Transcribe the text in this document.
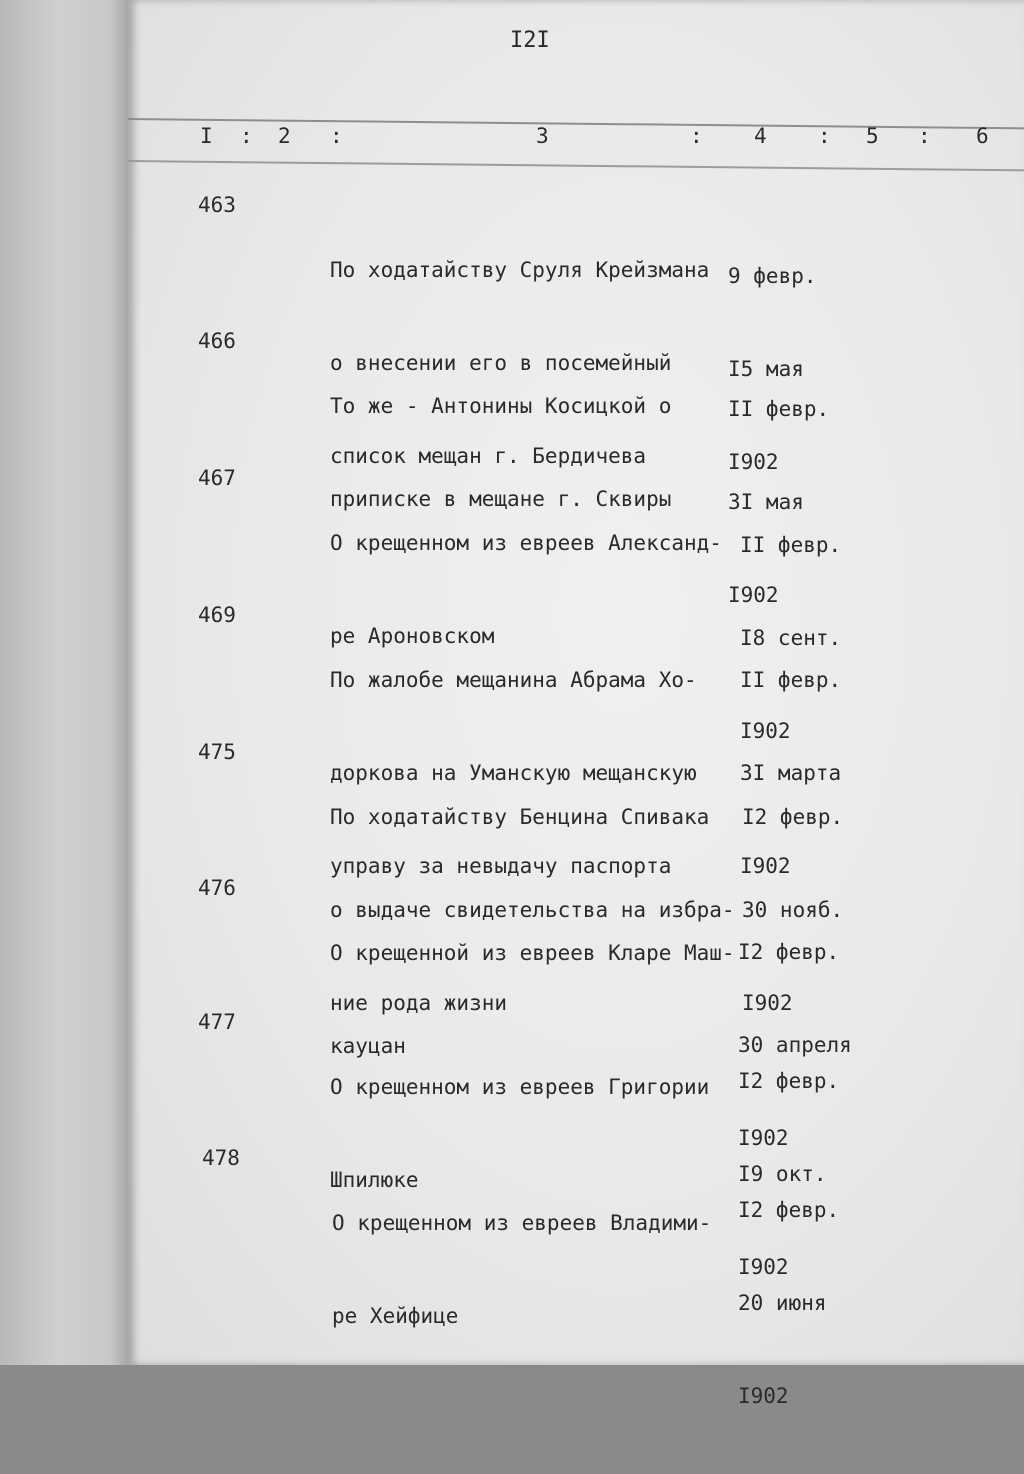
I2I
I : 2 :	3	: 4 : 5 : 6
463

По ходатайству Сруля Крейзмана

о внесении его в посемейный

список мещан г. Бердичева

9 февр.

I5 мая

I902

466

То же - Антонины Косицкой о

приписке в мещане г. Сквиры

II февр.

3I мая

I902

467

О крещенном из евреев Александ-

ре Ароновском

II февр.

I8 сент.

I902

469

По жалобе мещанина Абрама Хо-

доркова на Уманскую мещанскую

управу за невыдачу паспорта

II февр.

3I марта

I902

475

По ходатайству Бенцина Спивака

о выдаче свидетельства на избра-

ние рода жизни

I2 февр.

30 нояб.

I902

476

О крещенной из евреев Кларе Маш-

кауцан

I2 февр.

30 апреля

I902

477

О крещенном из евреев Григории

Шпилюке

I2 февр.

I9 окт.

I902

478

О крещенном из евреев Владими-

ре Хейфице

I2 февр.

20 июня

I902
